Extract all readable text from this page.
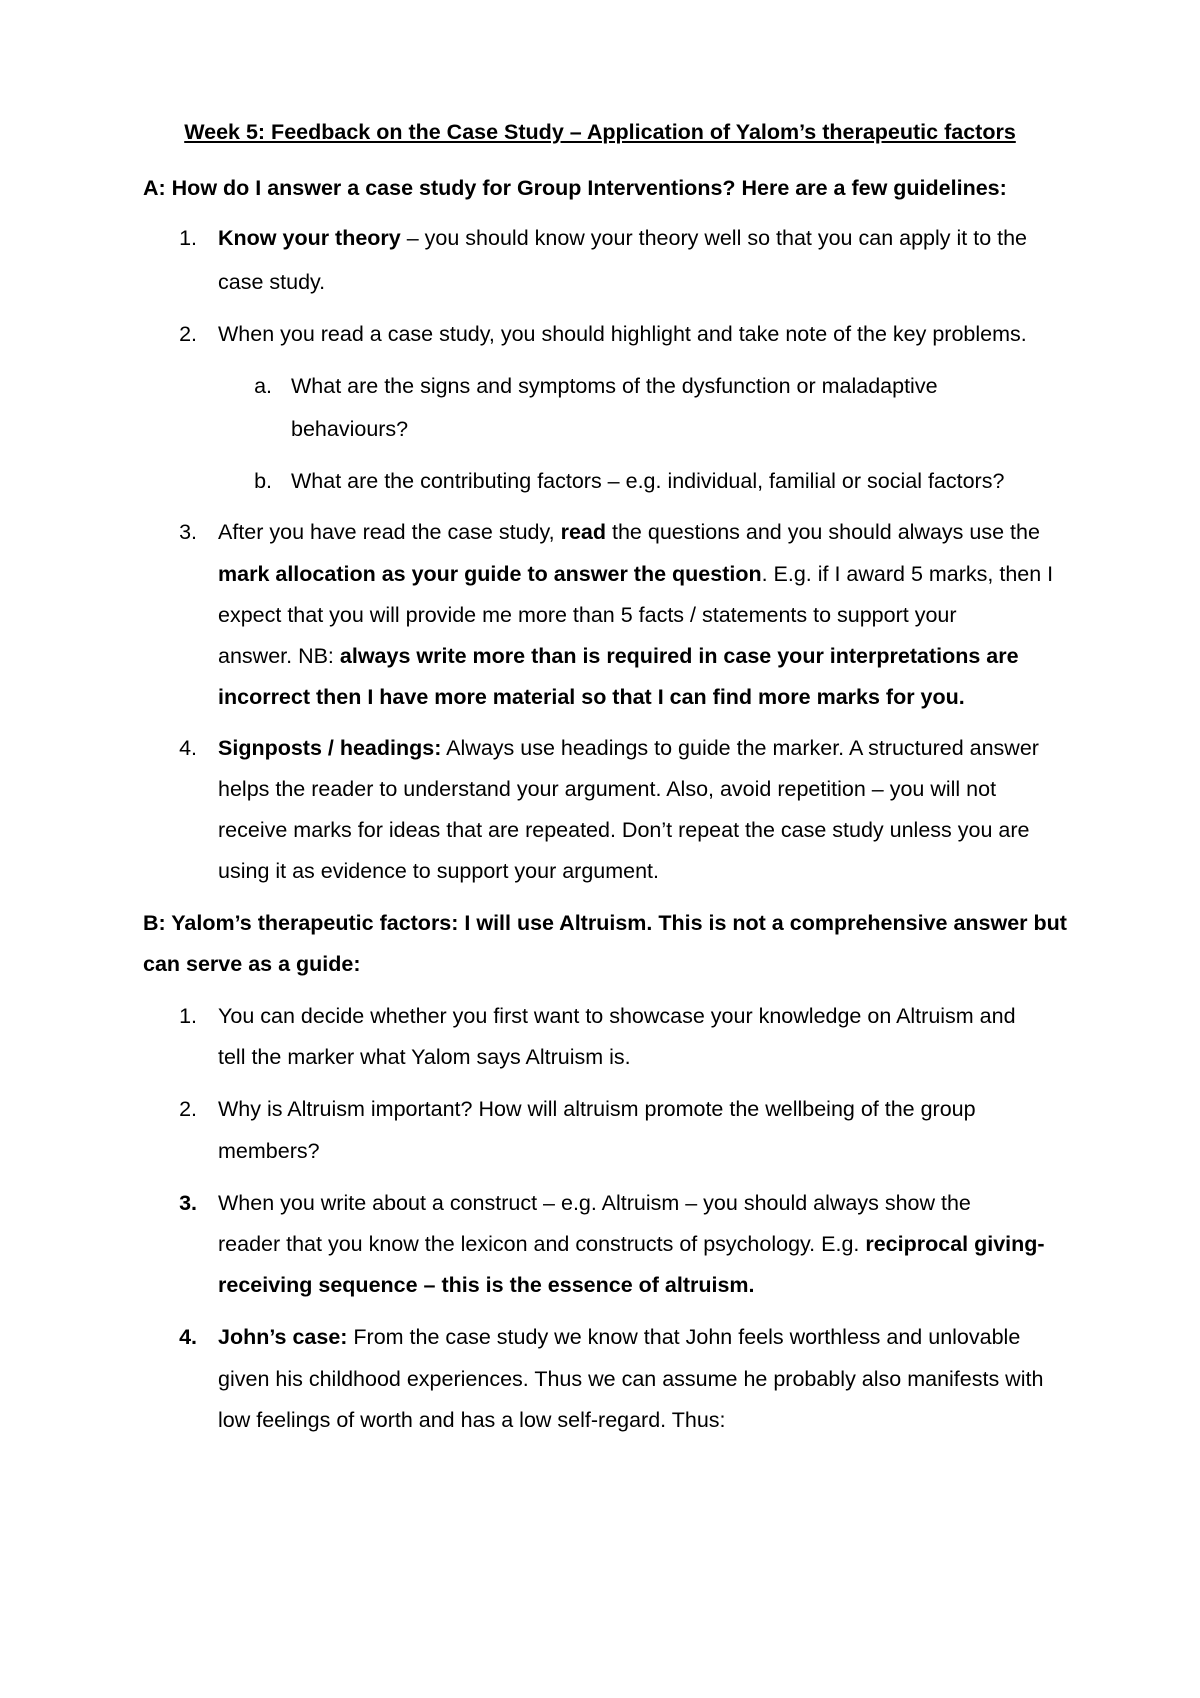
Week 5: Feedback on the Case Study – Application of Yalom’s therapeutic factors
A: How do I answer a case study for Group Interventions? Here are a few guidelines:
1. Know your theory – you should know your theory well so that you can apply it to the
case study.
2. When you read a case study, you should highlight and take note of the key problems.
a. What are the signs and symptoms of the dysfunction or maladaptive
behaviours?
b. What are the contributing factors – e.g. individual, familial or social factors?
3. After you have read the case study, read the questions and you should always use the
mark allocation as your guide to answer the question. E.g. if I award 5 marks, then I
expect that you will provide me more than 5 facts / statements to support your
answer. NB: always write more than is required in case your interpretations are
incorrect then I have more material so that I can find more marks for you.
4. Signposts / headings: Always use headings to guide the marker. A structured answer
helps the reader to understand your argument. Also, avoid repetition – you will not
receive marks for ideas that are repeated. Don’t repeat the case study unless you are
using it as evidence to support your argument.
B: Yalom’s therapeutic factors: I will use Altruism. This is not a comprehensive answer but
can serve as a guide:
1. You can decide whether you first want to showcase your knowledge on Altruism and
tell the marker what Yalom says Altruism is.
2. Why is Altruism important? How will altruism promote the wellbeing of the group
members?
3. When you write about a construct – e.g. Altruism – you should always show the
reader that you know the lexicon and constructs of psychology. E.g. reciprocal giving-
receiving sequence – this is the essence of altruism.
4. John’s case: From the case study we know that John feels worthless and unlovable
given his childhood experiences. Thus we can assume he probably also manifests with
low feelings of worth and has a low self-regard. Thus:
